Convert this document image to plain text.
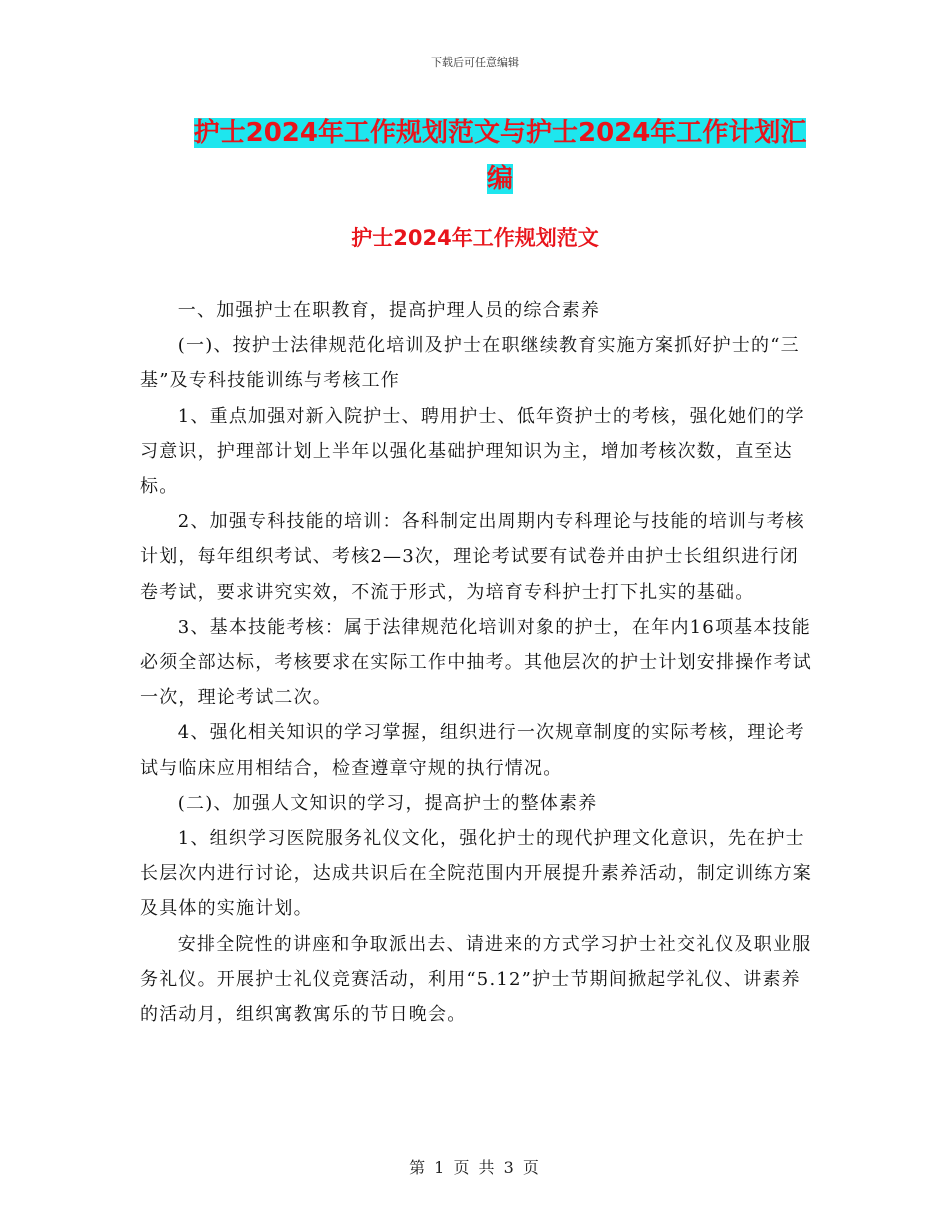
下载后可任意编辑
护士2024年工作规划范文与护士2024年工作计划汇编
护士2024年工作规划范文

一、加强护士在职教育，提高护理人员的综合素养

(一)、按护士法律规范化培训及护士在职继续教育实施方案抓好护士的“三基”及专科技能训练与考核工作

1、重点加强对新入院护士、聘用护士、低年资护士的考核，强化她们的学习意识，护理部计划上半年以强化基础护理知识为主，增加考核次数，直至达标。

2、加强专科技能的培训：各科制定出周期内专科理论与技能的培训与考核计划，每年组织考试、考核2—3次，理论考试要有试卷并由护士长组织进行闭卷考试，要求讲究实效，不流于形式，为培育专科护士打下扎实的基础。

3、基本技能考核：属于法律规范化培训对象的护士，在年内16项基本技能必须全部达标，考核要求在实际工作中抽考。其他层次的护士计划安排操作考试一次，理论考试二次。

4、强化相关知识的学习掌握，组织进行一次规章制度的实际考核，理论考试与临床应用相结合，检查遵章守规的执行情况。

(二)、加强人文知识的学习，提高护士的整体素养

1、组织学习医院服务礼仪文化，强化护士的现代护理文化意识，先在护士长层次内进行讨论，达成共识后在全院范围内开展提升素养活动，制定训练方案及具体的实施计划。

安排全院性的讲座和争取派出去、请进来的方式学习护士社交礼仪及职业服务礼仪。开展护士礼仪竞赛活动，利用“5.12”护士节期间掀起学礼仪、讲素养的活动月，组织寓教寓乐的节日晚会。

第 1 页 共 3 页
